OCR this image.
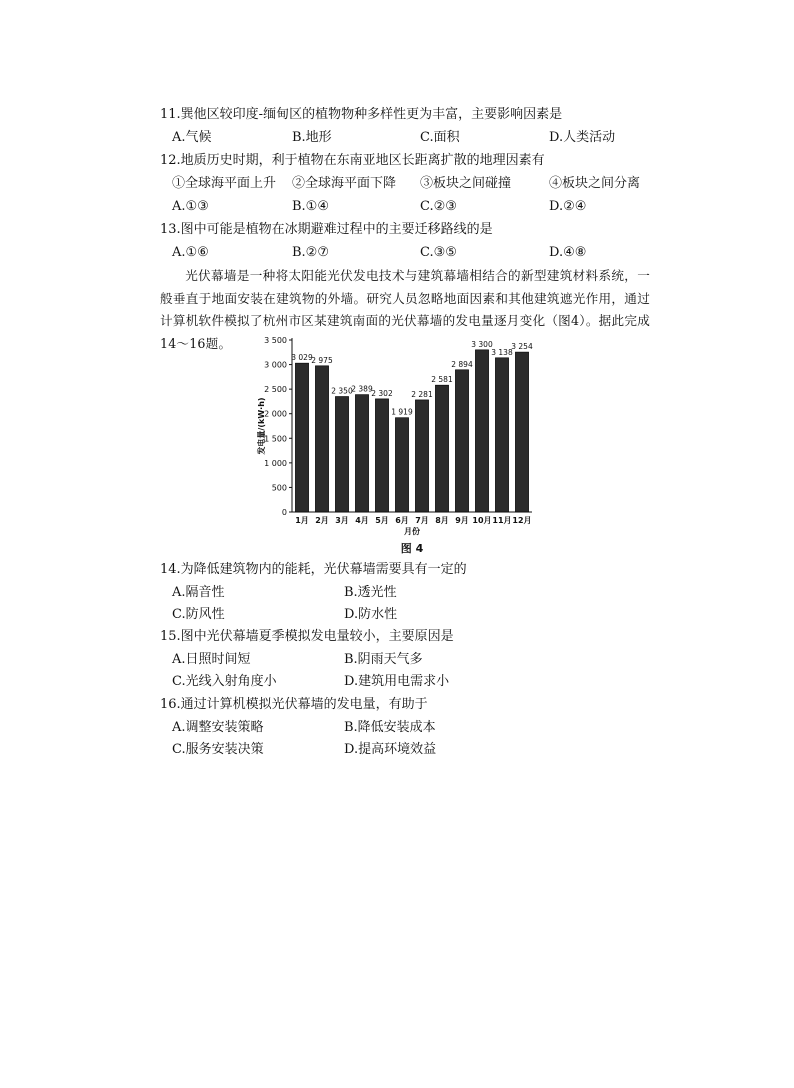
11.巽他区较印度-缅甸区的植物物种多样性更为丰富，主要影响因素是
A.气候	B.地形	C.面积	D.人类活动
12.地质历史时期，利于植物在东南亚地区长距离扩散的地理因素有
①全球海平面上升 ②全球海平面下降 ③板块之间碰撞	④板块之间分离
A.①③	B.①④	C.②③	D.②④
13.图中可能是植物在冰期避难过程中的主要迁移路线的是
A.①⑥	B.②⑦	C.③⑤	D.④⑧
光伏幕墙是一种将太阳能光伏发电技术与建筑幕墙相结合的新型建筑材料系统，一般垂直于地面安装在建筑物的外墙。研究人员忽略地面因素和其他建筑遮光作用，通过计算机软件模拟了杭州市区某建筑南面的光伏幕墙的发电量逐月变化（图4）。据此完成14～16题。
0
500
1 000
1 500
2 000
2 500
3 000
3 500
3 029
1月
2 975
2月
2 350
3月
2 389
4月
2 302
5月
1 919
6月
2 281
7月
2 581
8月
2 894
9月
3 300
10月
3 138
11月
3 254
12月
月份
发电量/(kW·h)
图 4
14.为降低建筑物内的能耗，光伏幕墙需要具有一定的
A.隔音性	B.透光性
C.防风性	D.防水性
15.图中光伏幕墙夏季模拟发电量较小，主要原因是
A.日照时间短	B.阴雨天气多
C.光线入射角度小	D.建筑用电需求小
16.通过计算机模拟光伏幕墙的发电量，有助于
A.调整安装策略	B.降低安装成本
C.服务安装决策	D.提高环境效益
